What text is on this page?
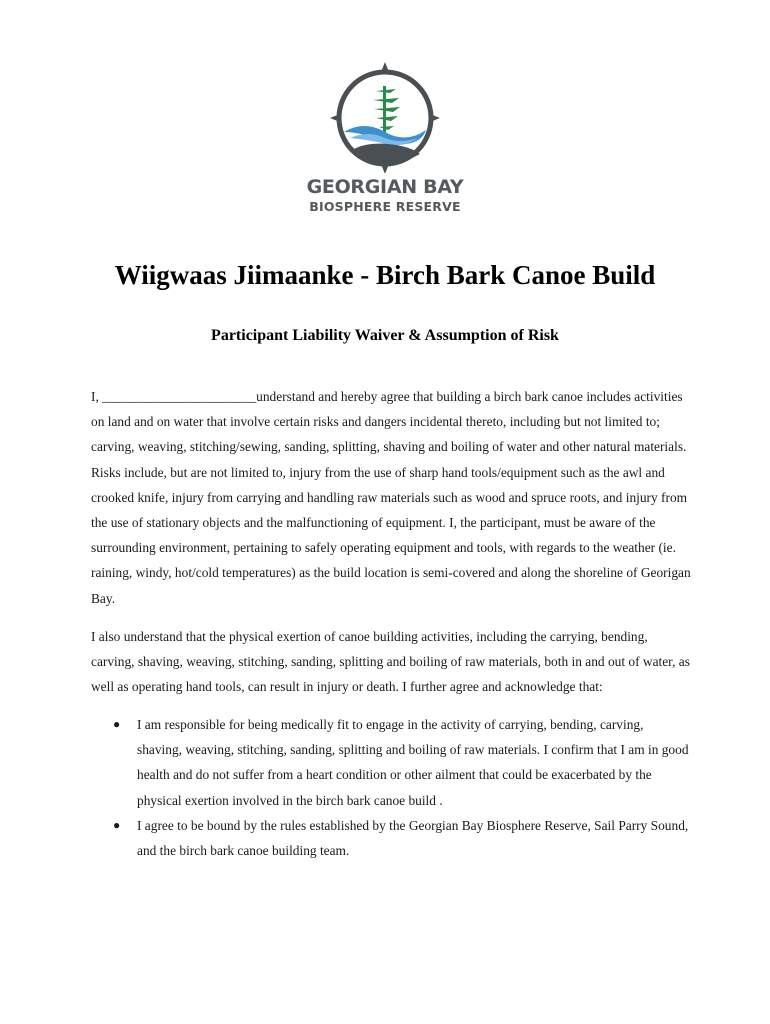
GEORGIAN BAY
BIOSPHERE RESERVE
Wiigwaas Jiimaanke - Birch Bark Canoe Build
Participant Liability Waiver & Assumption of Risk

I, _______________________understand and hereby agree that building a birch bark canoe includes activities on land and on water that involve certain risks and dangers incidental thereto, including but not limited to; carving, weaving, stitching/sewing, sanding, splitting, shaving and boiling of water and other natural materials. Risks include, but are not limited to, injury from the use of sharp hand tools/equipment such as the awl and crooked knife, injury from carrying and handling raw materials such as wood and spruce roots, and injury from the use of stationary objects and the malfunctioning of equipment. I, the participant, must be aware of the surrounding environment, pertaining to safely operating equipment and tools, with regards to the weather (ie. raining, windy, hot/cold temperatures) as the build location is semi-covered and along the shoreline of Georigan Bay.

I also understand that the physical exertion of canoe building activities, including the carrying, bending, carving, shaving, weaving, stitching, sanding, splitting and boiling of raw materials, both in and out of water, as well as operating hand tools, can result in injury or death. I further agree and acknowledge that:

● I am responsible for being medically fit to engage in the activity of carrying, bending, carving, shaving, weaving, stitching, sanding, splitting and boiling of raw materials. I confirm that I am in good health and do not suffer from a heart condition or other ailment that could be exacerbated by the physical exertion involved in the birch bark canoe build .
● I agree to be bound by the rules established by the Georgian Bay Biosphere Reserve, Sail Parry Sound, and the birch bark canoe building team.
